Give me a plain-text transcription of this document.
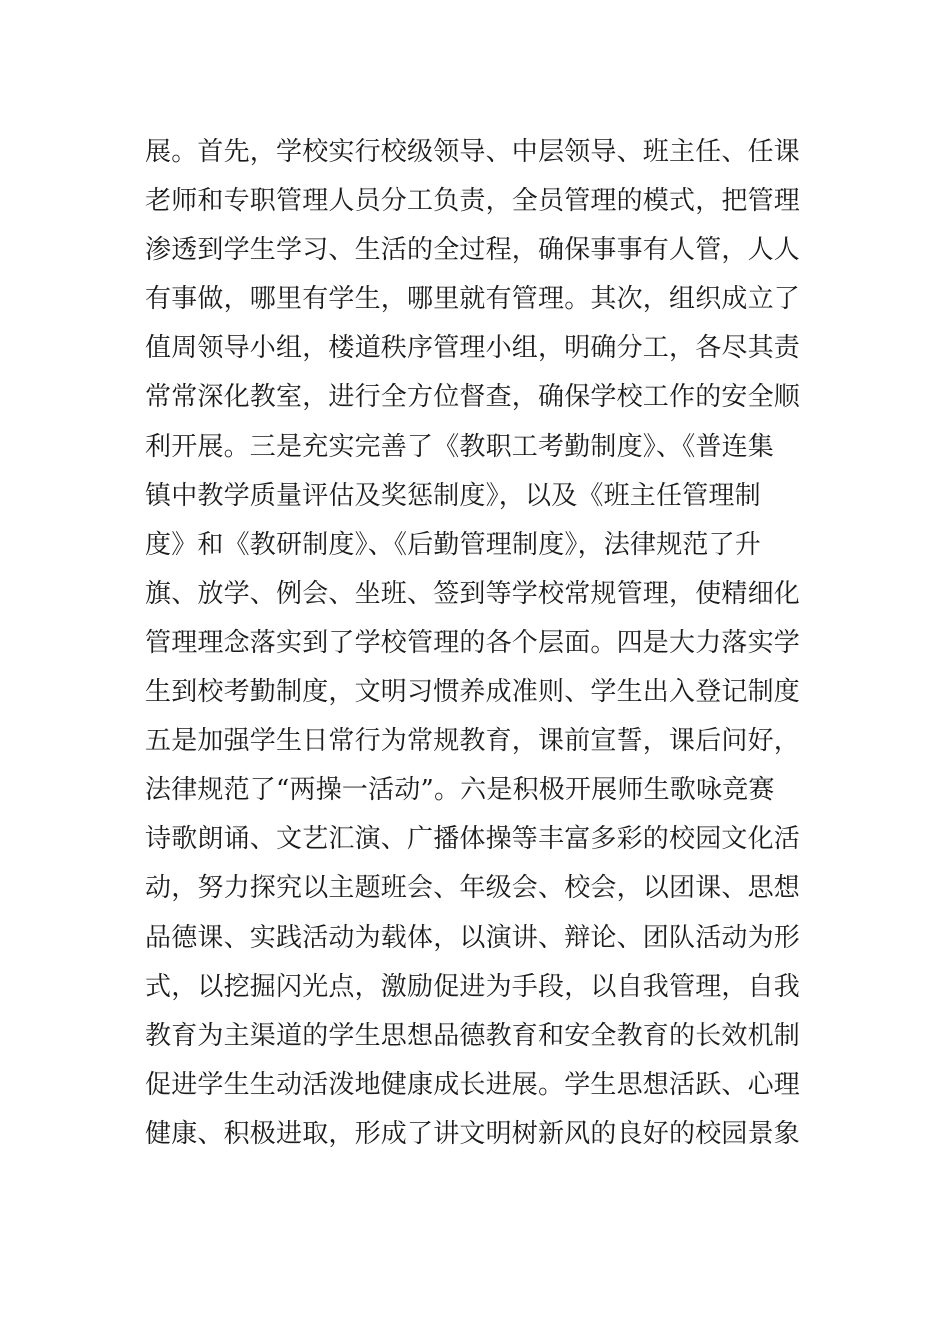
展。首先，学校实行校级领导、中层领导、班主任、任课
老师和专职管理人员分工负责，全员管理的模式，把管理
渗透到学生学习、生活的全过程，确保事事有人管，人人
有事做，哪里有学生，哪里就有管理。其次，组织成立了
值周领导小组，楼道秩序管理小组，明确分工，各尽其责
常常深化教室，进行全方位督查，确保学校工作的安全顺
利开展。三是充实完善了《教职工考勤制度》、《普连集
镇中教学质量评估及奖惩制度》，以及《班主任管理制
度》和《教研制度》、《后勤管理制度》，法律规范了升
旗、放学、例会、坐班、签到等学校常规管理，使精细化
管理理念落实到了学校管理的各个层面。四是大力落实学
生到校考勤制度，文明习惯养成准则、学生出入登记制度
五是加强学生日常行为常规教育，课前宣誓，课后问好，
法律规范了“两操一活动”。六是积极开展师生歌咏竞赛
诗歌朗诵、文艺汇演、广播体操等丰富多彩的校园文化活
动，努力探究以主题班会、年级会、校会，以团课、思想
品德课、实践活动为载体，以演讲、辩论、团队活动为形
式，以挖掘闪光点，激励促进为手段，以自我管理，自我
教育为主渠道的学生思想品德教育和安全教育的长效机制
促进学生生动活泼地健康成长进展。学生思想活跃、心理
健康、积极进取，形成了讲文明树新风的良好的校园景象
